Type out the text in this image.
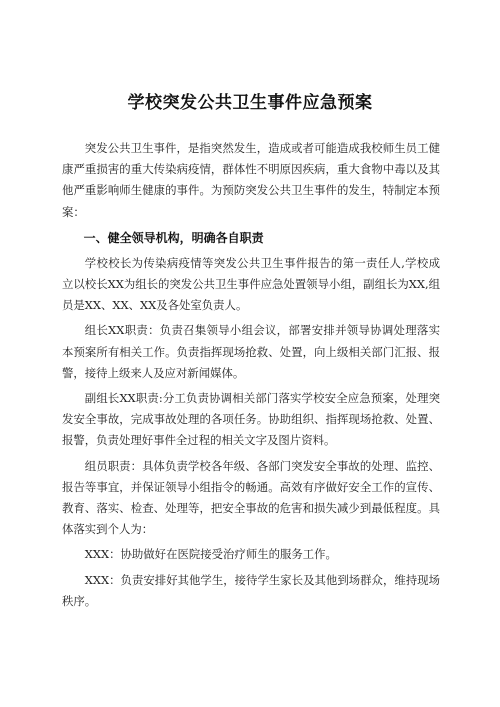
学校突发公共卫生事件应急预案

突发公共卫生事件，是指突然发生，造成或者可能造成我校师生员工健康严重损害的重大传染病疫情，群体性不明原因疾病，重大食物中毒以及其他严重影响师生健康的事件。为预防突发公共卫生事件的发生，特制定本预案：

一、健全领导机构，明确各自职责

学校校长为传染病疫情等突发公共卫生事件报告的第一责任人,学校成立以校长XX为组长的突发公共卫生事件应急处置领导小组，副组长为XX,组员是XX、XX、XX及各处室负责人。

组长XX职责：负责召集领导小组会议，部署安排并领导协调处理落实本预案所有相关工作。负责指挥现场抢救、处置，向上级相关部门汇报、报警，接待上级来人及应对新闻媒体。

副组长XX职责:分工负责协调相关部门落实学校安全应急预案，处理突发安全事故，完成事故处理的各项任务。协助组织、指挥现场抢救、处置、报警，负责处理好事件全过程的相关文字及图片资料。

组员职责：具体负责学校各年级、各部门突发安全事故的处理、监控、报告等事宜，并保证领导小组指令的畅通。高效有序做好安全工作的宣传、教育、落实、检查、处理等，把安全事故的危害和损失减少到最低程度。具体落实到个人为：

XXX：协助做好在医院接受治疗师生的服务工作。

XXX：负责安排好其他学生，接待学生家长及其他到场群众，维持现场秩序。
